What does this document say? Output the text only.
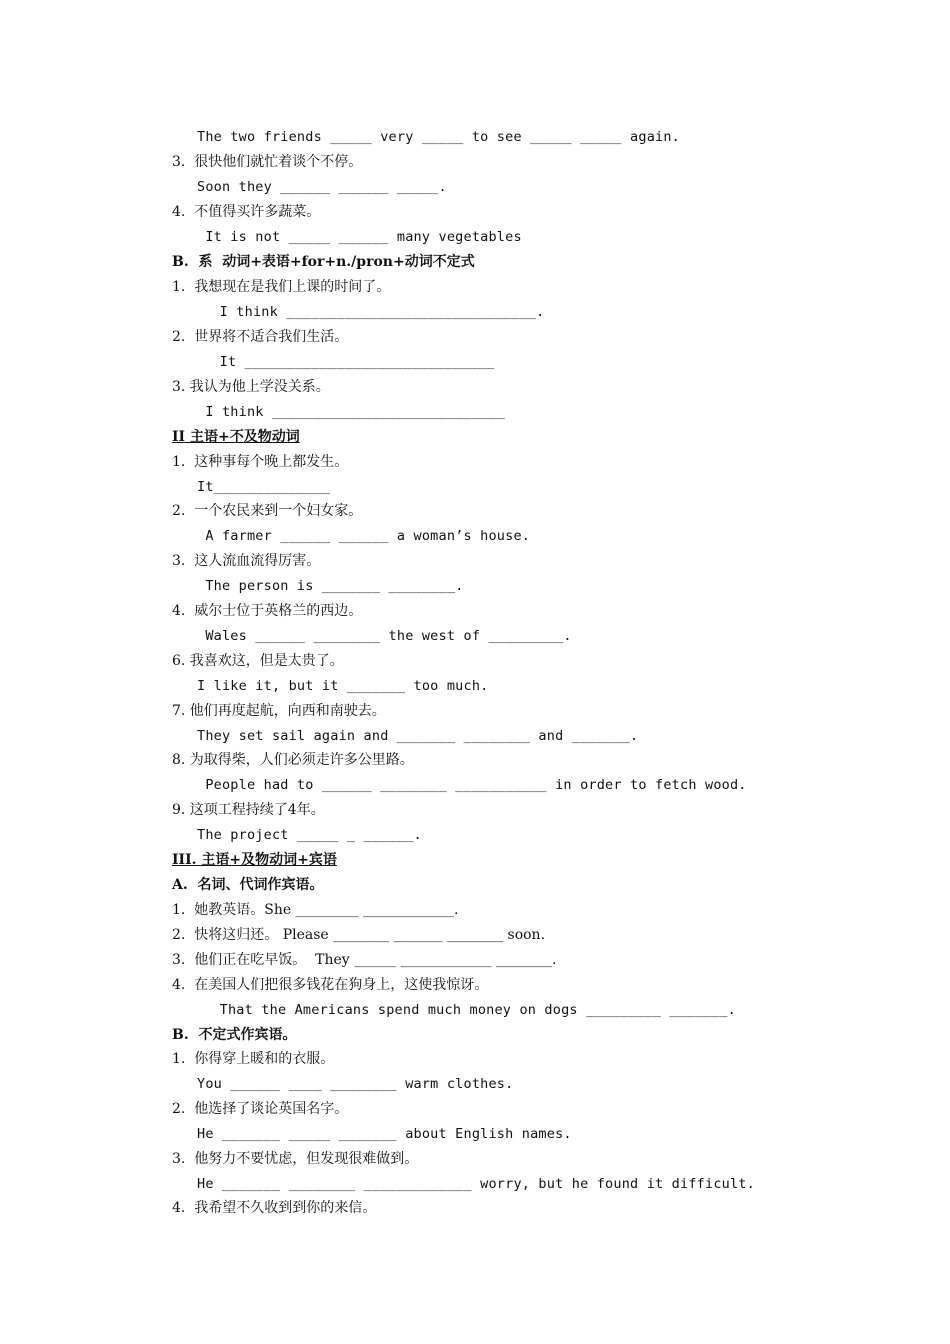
The two friends _____ very _____ to see _____ _____ again.
3.  很快他们就忙着谈个不停。
Soon they ______ ______ _____.
4.  不值得买许多蔬菜。
It is not _____ ______ many vegetables
B.  系  动词+表语+for+n./pron+动词不定式
1.  我想现在是我们上课的时间了。
I think ______________________________.
2.  世界将不适合我们生活。
It ______________________________
3. 我认为他上学没关系。
I think ____________________________
II 主语+不及物动词
1.  这种事每个晚上都发生。
It______________
2.  一个农民来到一个妇女家。
A farmer ______ ______ a woman’s house.
3.  这人流血流得厉害。
The person is _______ ________.
4.  威尔士位于英格兰的西边。
Wales ______ ________ the west of _________.
6. 我喜欢这，但是太贵了。
I like it, but it _______ too much.
7. 他们再度起航，向西和南驶去。
They set sail again and _______ ________ and _______.
8. 为取得柴，人们必须走许多公里路。
People had to ______ ________ ___________ in order to fetch wood.
9. 这项工程持续了4年。
The project _____ _ ______.
III. 主语+及物动词+宾语
A.  名词、代词作宾语。
1.  她教英语。She _________ _____________.
2.  快将这归还。 Please ________ _______ ________ soon.
3.  他们正在吃早饭。  They ______ _____________ ________.
4.  在美国人们把很多钱花在狗身上，这使我惊讶。
That the Americans spend much money on dogs _________ _______.
B.  不定式作宾语。
1.  你得穿上暖和的衣服。
You ______ ____ ________ warm clothes.
2.  他选择了谈论英国名字。
He _______ _____ _______ about English names.
3.  他努力不要忧虑，但发现很难做到。
He _______ ________ _____________ worry, but he found it difficult.
4.  我希望不久收到到你的来信。
